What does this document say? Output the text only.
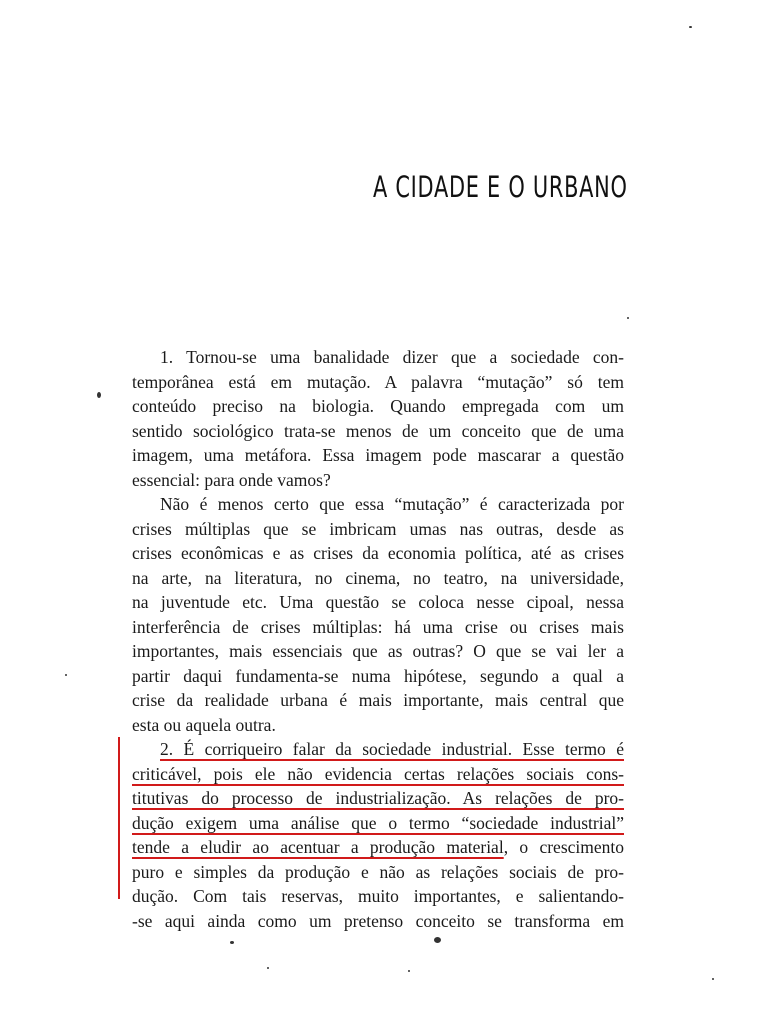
A CIDADE E O URBANO
1. Tornou-se uma banalidade dizer que a sociedade con-
temporânea está em mutação. A palavra “mutação” só tem
conteúdo preciso na biologia. Quando empregada com um
sentido sociológico trata-se menos de um conceito que de uma
imagem, uma metáfora. Essa imagem pode mascarar a questão
essencial: para onde vamos?
Não é menos certo que essa “mutação” é caracterizada por
crises múltiplas que se imbricam umas nas outras, desde as
crises econômicas e as crises da economia política, até as crises
na arte, na literatura, no cinema, no teatro, na universidade,
na juventude etc. Uma questão se coloca nesse cipoal, nessa
interferência de crises múltiplas: há uma crise ou crises mais
importantes, mais essenciais que as outras? O que se vai ler a
partir daqui fundamenta-se numa hipótese, segundo a qual a
crise da realidade urbana é mais importante, mais central que
esta ou aquela outra.
2. É corriqueiro falar da sociedade industrial. Esse termo é
criticável, pois ele não evidencia certas relações sociais cons-
titutivas do processo de industrialização. As relações de pro-
dução exigem uma análise que o termo “sociedade industrial”
tende a eludir ao acentuar a produção material, o crescimento
puro e simples da produção e não as relações sociais de pro-
dução. Com tais reservas, muito importantes, e salientando-
-se aqui ainda como um pretenso conceito se transforma em
